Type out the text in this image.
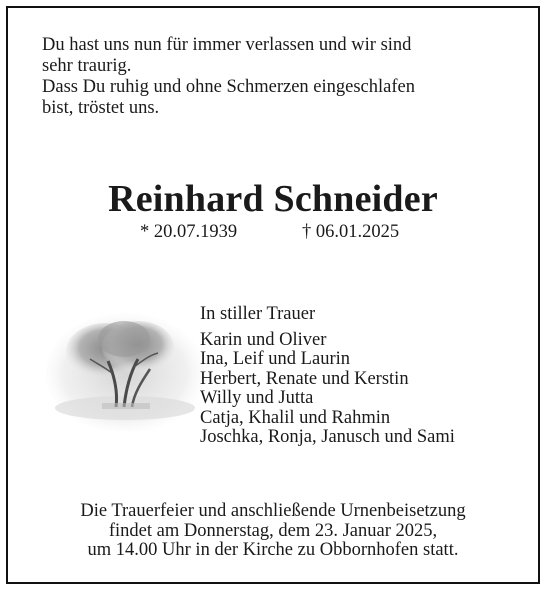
Du hast uns nun für immer verlassen und wir sind
sehr traurig.
Dass Du ruhig und ohne Schmerzen eingeschlafen
bist, tröstet uns.
Reinhard Schneider
* 20.07.1939	† 06.01.2025
In stiller Trauer
Karin und Oliver
Ina, Leif und Laurin
Herbert, Renate und Kerstin
Willy und Jutta
Catja, Khalil und Rahmin
Joschka, Ronja, Janusch und Sami
Die Trauerfeier und anschließende Urnenbeisetzung
findet am Donnerstag, dem 23. Januar 2025,
um 14.00 Uhr in der Kirche zu Obbornhofen statt.
